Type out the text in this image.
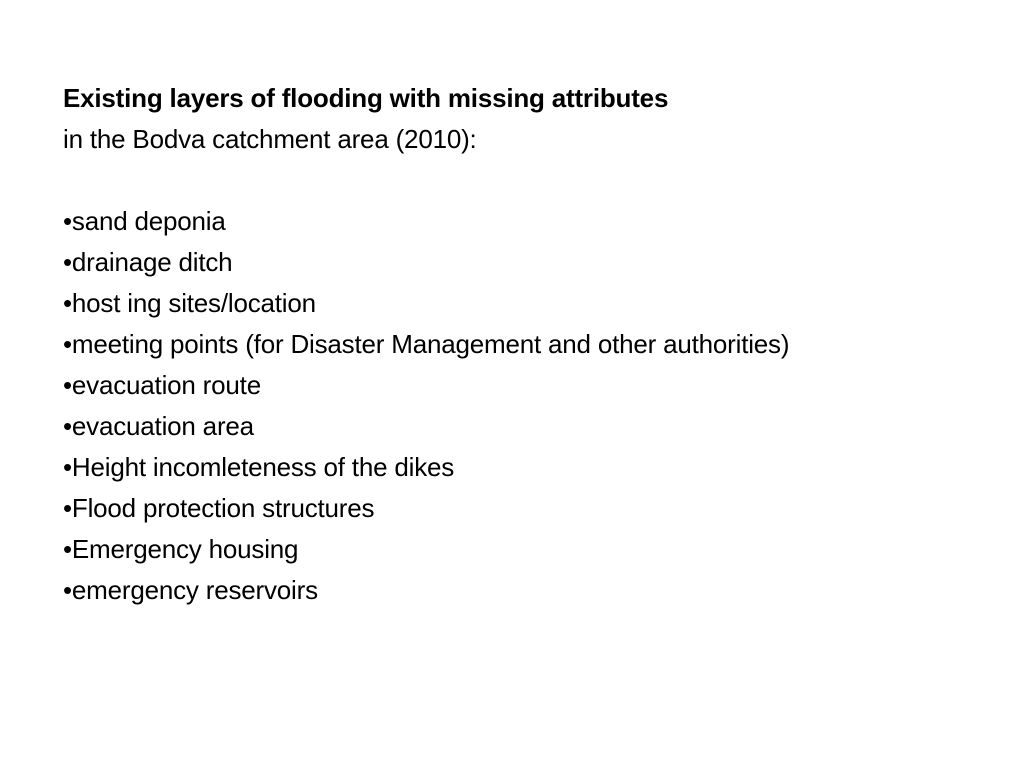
Existing layers of flooding with missing attributes

in the Bodva catchment area (2010):

•sand deponia
•drainage ditch
•host ing sites/location
•meeting points (for Disaster Management and other authorities)
•evacuation route
•evacuation area
•Height incomleteness of the dikes
•Flood protection structures
•Emergency housing
•emergency reservoirs
